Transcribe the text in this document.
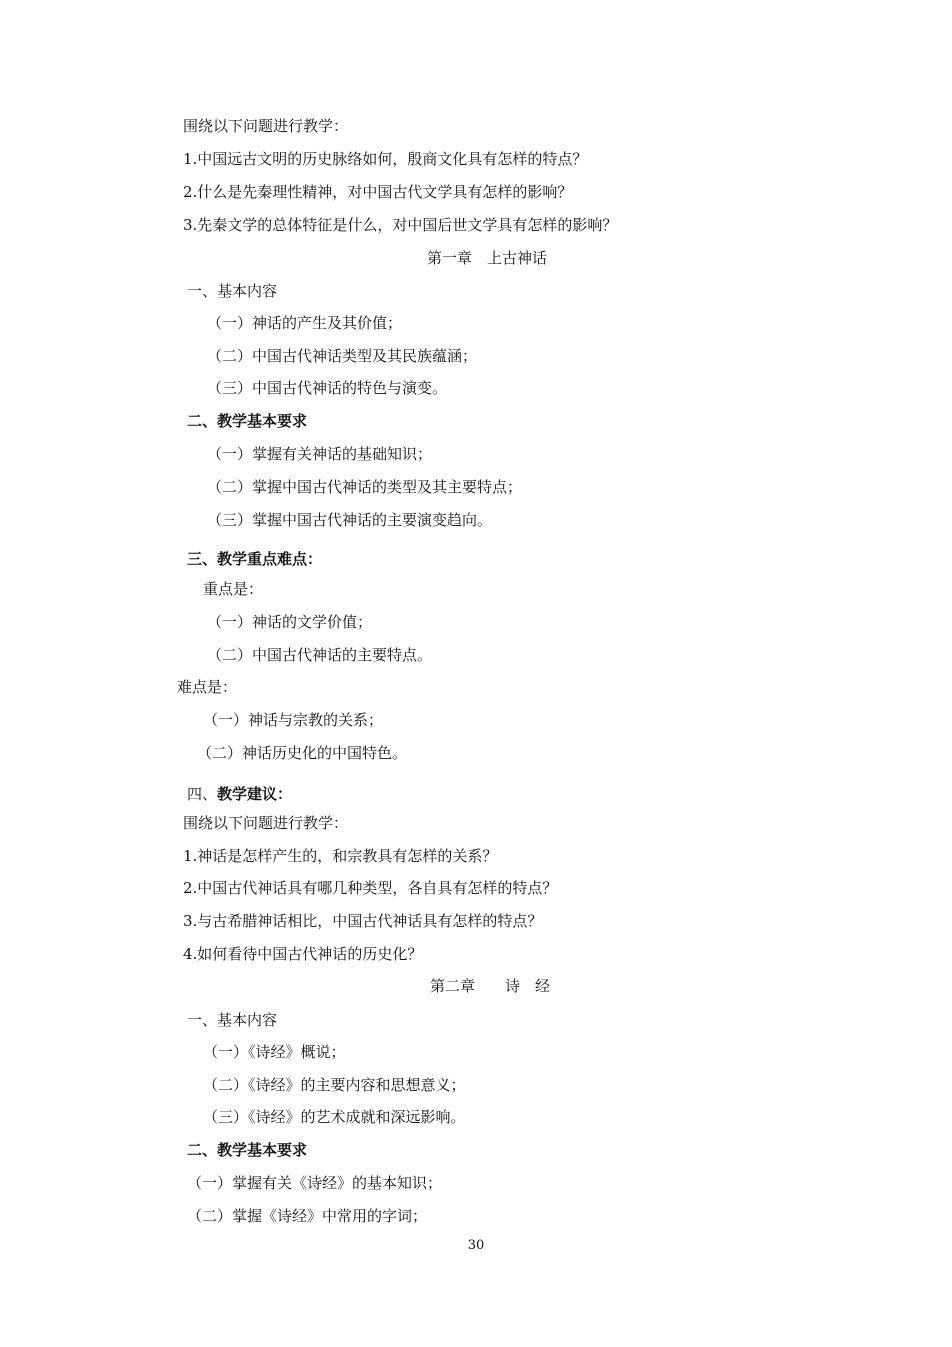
围绕以下问题进行教学：
1.中国远古文明的历史脉络如何，殷商文化具有怎样的特点？
2.什么是先秦理性精神，对中国古代文学具有怎样的影响？
3.先秦文学的总体特征是什么，对中国后世文学具有怎样的影响？
第一章　上古神话
一、基本内容
（一）神话的产生及其价值；
（二）中国古代神话类型及其民族蕴涵；
（三）中国古代神话的特色与演变。
二、教学基本要求
（一）掌握有关神话的基础知识；
（二）掌握中国古代神话的类型及其主要特点；
（三）掌握中国古代神话的主要演变趋向。
三、教学重点难点：
重点是：
（一）神话的文学价值；
（二）中国古代神话的主要特点。
难点是：
（一）神话与宗教的关系；
（二）神话历史化的中国特色。
四、教学建议：
围绕以下问题进行教学：
1.神话是怎样产生的，和宗教具有怎样的关系？
2.中国古代神话具有哪几种类型，各自具有怎样的特点？
3.与古希腊神话相比，中国古代神话具有怎样的特点？
4.如何看待中国古代神话的历史化？
第二章　　诗　经
一、基本内容
（一）《诗经》概说；
（二）《诗经》的主要内容和思想意义；
（三）《诗经》的艺术成就和深远影响。
二、教学基本要求
（一）掌握有关《诗经》的基本知识；
（二）掌握《诗经》中常用的字词；
30
